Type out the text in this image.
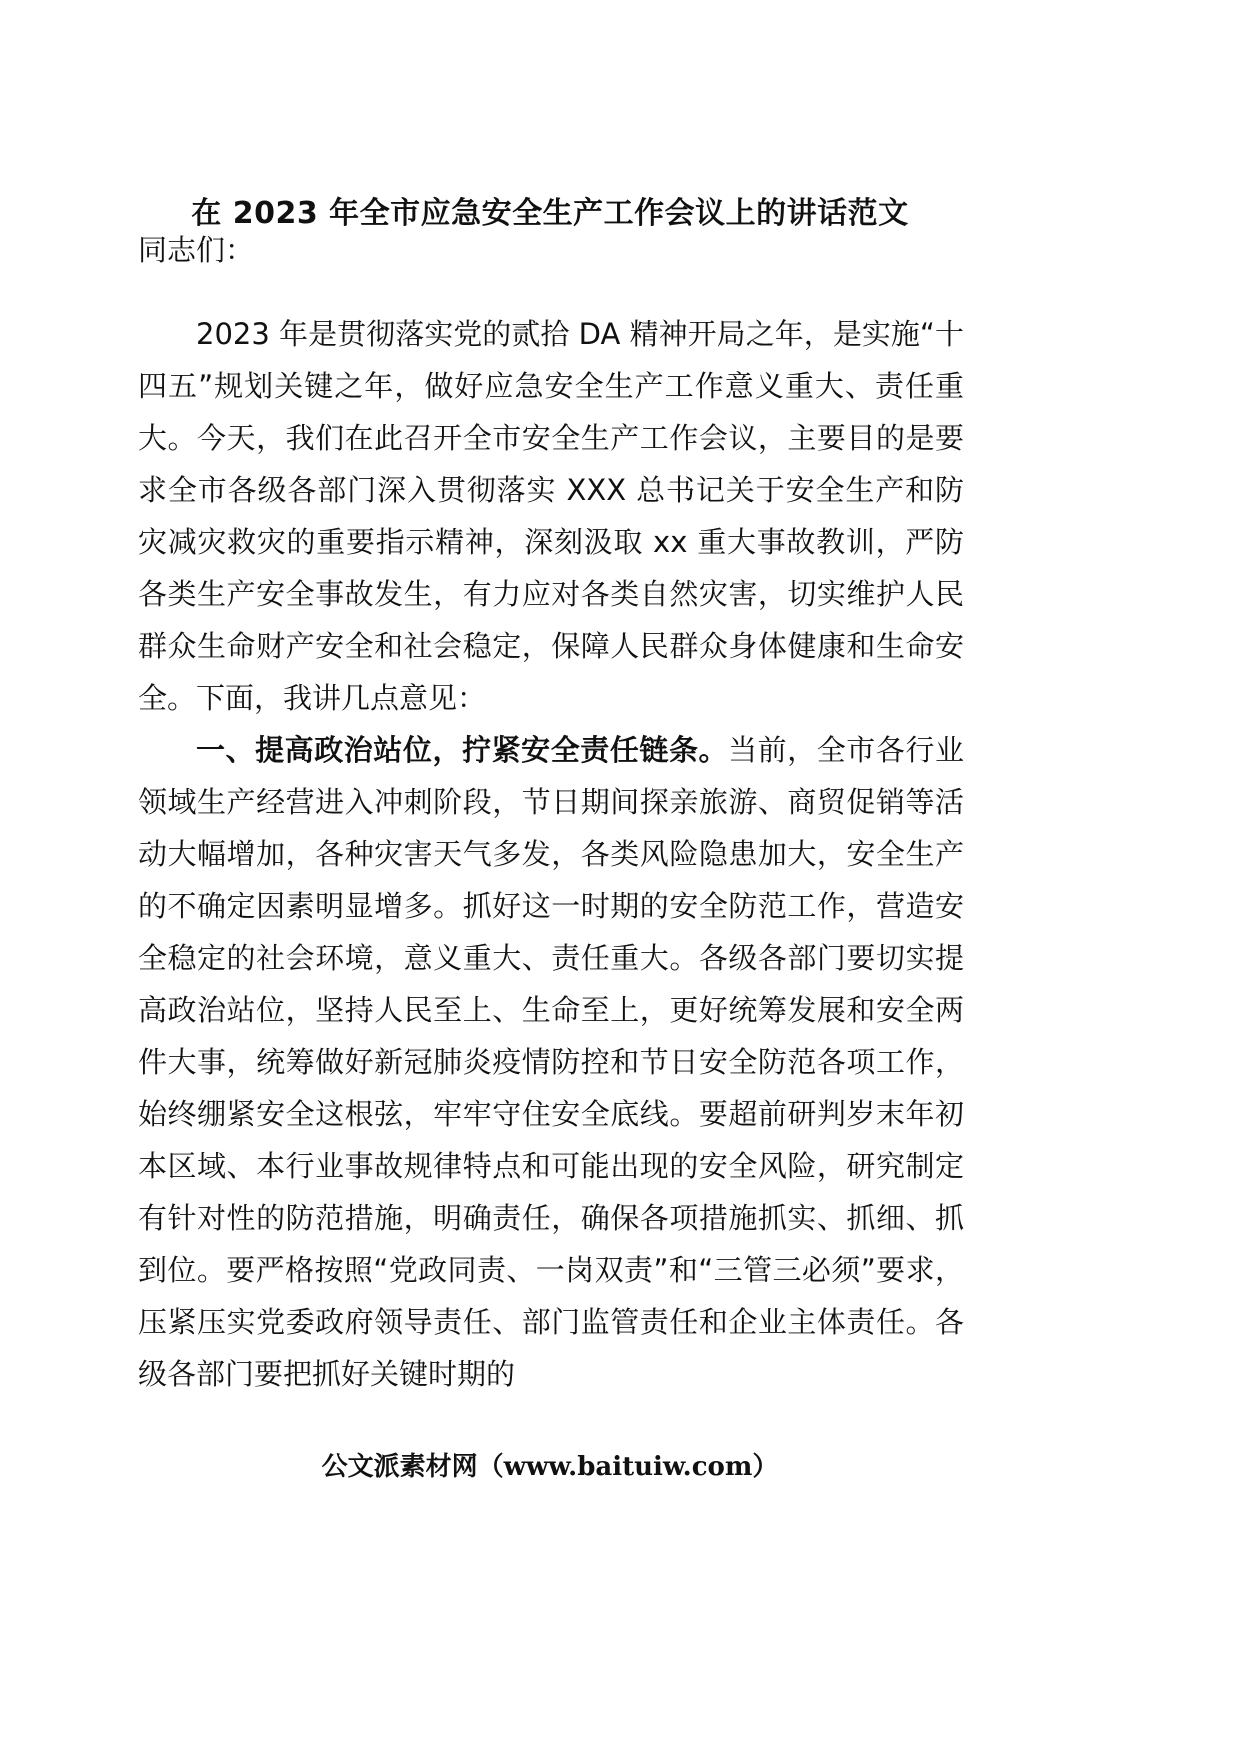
在 2023 年全市应急安全生产工作会议上的讲话范文
同志们：

2023 年是贯彻落实党的贰拾 DA 精神开局之年，是实施“十四五”规划关键之年，做好应急安全生产工作意义重大、责任重大。今天，我们在此召开全市安全生产工作会议，主要目的是要求全市各级各部门深入贯彻落实 XXX 总书记关于安全生产和防灾减灾救灾的重要指示精神，深刻汲取 xx 重大事故教训，严防各类生产安全事故发生，有力应对各类自然灾害，切实维护人民群众生命财产安全和社会稳定，保障人民群众身体健康和生命安全。下面，我讲几点意见：

一、提高政治站位，拧紧安全责任链条。当前，全市各行业领域生产经营进入冲刺阶段，节日期间探亲旅游、商贸促销等活动大幅增加，各种灾害天气多发，各类风险隐患加大，安全生产的不确定因素明显增多。抓好这一时期的安全防范工作，营造安全稳定的社会环境，意义重大、责任重大。各级各部门要切实提高政治站位，坚持人民至上、生命至上，更好统筹发展和安全两件大事，统筹做好新冠肺炎疫情防控和节日安全防范各项工作，始终绷紧安全这根弦，牢牢守住安全底线。要超前研判岁末年初本区域、本行业事故规律特点和可能出现的安全风险，研究制定有针对性的防范措施，明确责任，确保各项措施抓实、抓细、抓到位。要严格按照“党政同责、一岗双责”和“三管三必须”要求，压紧压实党委政府领导责任、部门监管责任和企业主体责任。各级各部门要把抓好关键时期的

公文派素材网（www.baituiw.com）
